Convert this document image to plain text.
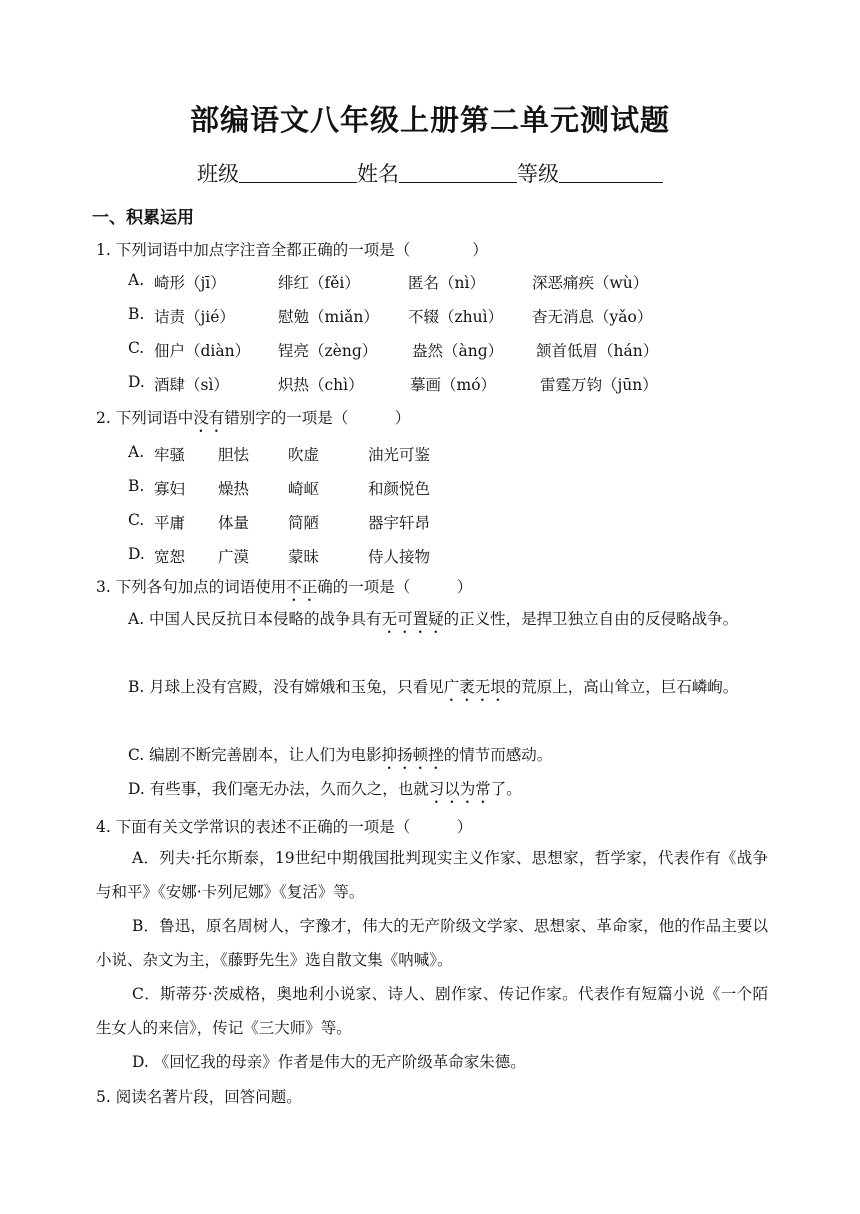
部编语文八年级上册第二单元测试题
班级	姓名	等级
一、积累运用
1. 下列词语中加点字注音全都正确的一项是（　　　　）
A. 崎形（jī）	绯红（fěi）	匿名（nì）	深恶痛疾（wù）
B. 诘责（jié）	慰勉（miǎn） 不辍（zhuì） 杳无消息（yǎo）
C. 佃户（diàn） 锃亮（zènɡ） 盎然（ànɡ） 颔首低眉（hán）
D. 酒肆（sì）	炽热（chì）	摹画（mó）	雷霆万钧（jūn）
2. 下列词语中没有错别字的一项是（　　　）
A. 牢骚 胆怯	吹虚	油光可鉴
B. 寡妇 燥热	崎岖	和颜悦色
C. 平庸 体量	简陋	器宇轩昂
D. 宽恕 广漠	蒙昧	侍人接物
3. 下列各句加点的词语使用不正确的一项是（　　　）
A. 中国人民反抗日本侵略的战争具有无可置疑的正义性，是捍卫独立自由的反侵略战争。
B. 月球上没有宫殿，没有嫦娥和玉兔，只看见广袤无垠的荒原上，高山耸立，巨石嶙峋。
C. 编剧不断完善剧本，让人们为电影抑扬顿挫的情节而感动。
D. 有些事，我们毫无办法，久而久之，也就习以为常了。
4. 下面有关文学常识的表述不正确的一项是（　　　）
A．列夫·托尔斯泰，19世纪中期俄国批判现实主义作家、思想家，哲学家，代表作有《战争与和平》《安娜·卡列尼娜》《复活》等。
B．鲁迅，原名周树人，字豫才，伟大的无产阶级文学家、思想家、革命家，他的作品主要以小说、杂文为主，《藤野先生》选自散文集《呐喊》。
C．斯蒂芬·茨威格，奥地利小说家、诗人、剧作家、传记作家。代表作有短篇小说《一个陌生女人的来信》，传记《三大师》等。
D. 《回忆我的母亲》作者是伟大的无产阶级革命家朱德。
5. 阅读名著片段，回答问题。
